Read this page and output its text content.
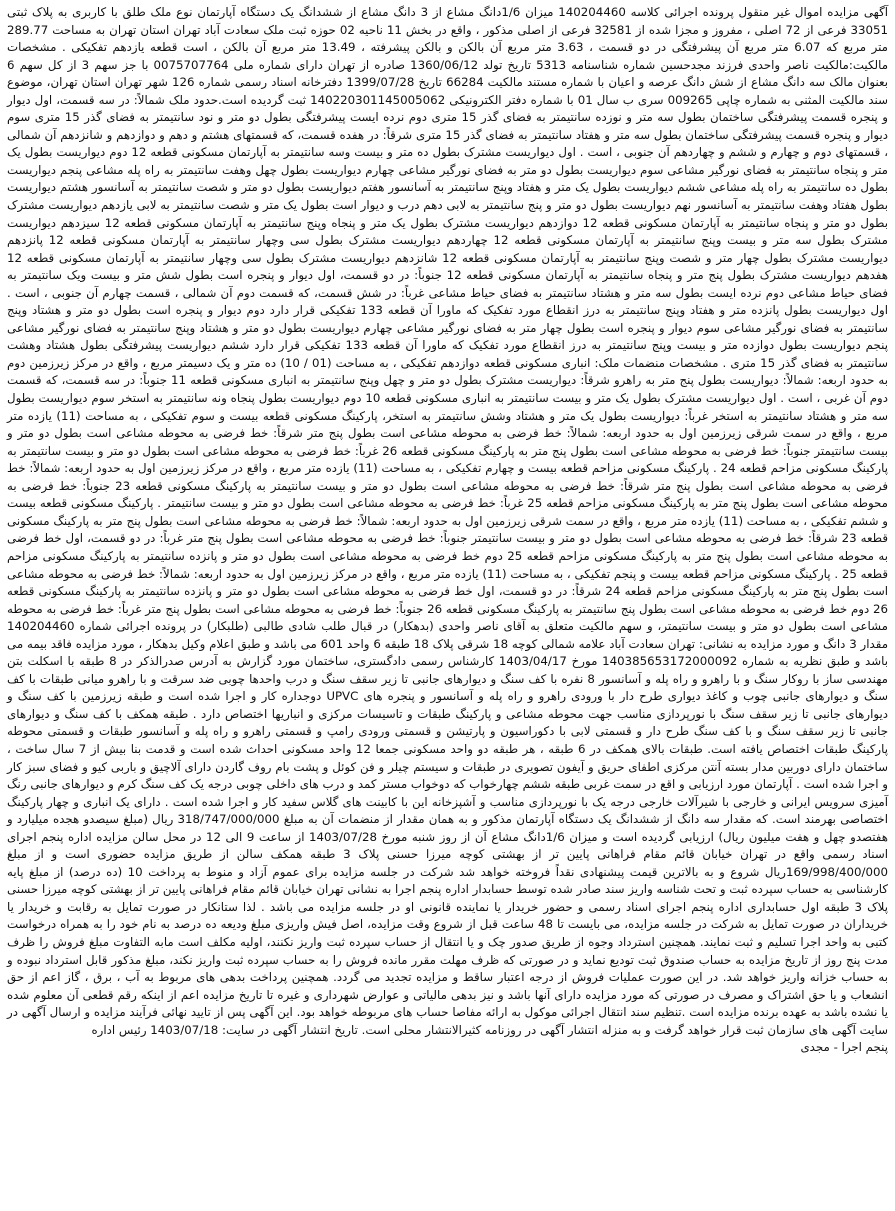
آگهی مزایده اموال غیر منقول پرونده اجرائی کلاسه 140204460 میزان 1/6دانگ مشاع از 3 دانگ مشاع از ششدانگ یک دستگاه آپارتمان نوع ملک طلق با کاربری به پلاک ثبتی 33051 فرعی از 72 اصلی ، مفروز و مجزا شده از 32581 فرعی از اصلی مذکور ، واقع در بخش 11 ناحیه 02 حوزه ثبت ملک سعادت آباد تهران استان تهران به مساحت 289.77 متر مربع که 6.07 متر مربع آن پیشرفتگی در دو قسمت ، 3.63 متر مربع آن بالکن و بالکن پیشرفته ، 13.49 متر مربع آن بالکن ، است قطعه یازدهم تفکیکی . مشخصات مالکیت:مالکیت ناصر واحدی فرزند مجدحسین شماره شناسنامه 5313 تاریخ تولد 1360/06/12 صادره از تهران دارای شماره ملی 0075707764 با جز سهم 3 از کل سهم 6 بعنوان مالک سه دانگ مشاع از شش دانگ عرصه و اعیان با شماره مستند مالکیت 66284 تاریخ 1399/07/28 دفترخانه اسناد رسمی شماره 126 شهر تهران استان تهران، موضوع سند مالکیت المثنی به شماره چاپی 009265 سری ب سال 01 با شماره دفتر الکترونیکی 140220301145005062 ثبت گردیده است.حدود ملک شمالاً: در سه قسمت، اول دیوار و پنجره قسمت پیشرفتگی ساختمان بطول سه متر و نوزده سانتیمتر به فضای گذر 15 متری دوم نرده ایست پیشرفتگی بطول دو متر و نود سانتیمتر به فضای گذر 15 متری سوم دیوار و پنجره قسمت پیشرفتگی ساختمان بطول سه متر و هفتاد سانتیمتر به فضای گذر 15 متری شرقاً: در هفده قسمت، که قسمتهای هشتم و دهم و دوازدهم و شانزدهم آن شمالی ، قسمتهای دوم و چهارم و ششم و چهاردهم آن جنوبی ، است . اول دیواریست مشترک بطول ده متر و بیست وسه سانتیمتر به آپارتمان مسکونی قطعه 12 دوم دیواریست بطول یک متر و پنجاه سانتیمتر به فضای نورگیر مشاعی سوم دیواریست بطول دو متر به فضای نورگیر مشاعی چهارم دیواریست بطول چهل وهفت سانتیمتر به راه پله مشاعی پنجم دیواریست بطول ده سانتیمتر به راه پله مشاعی ششم دیواریست بطول یک متر و هفتاد وپنج سانتیمتر به آسانسور هفتم دیواریست بطول دو متر و شصت سانتیمتر به آسانسور هشتم دیواریست بطول هفتاد وهفت سانتیمتر به آسانسور نهم دیواریست بطول دو متر و پنج سانتیمتر به لابی دهم درب و دیوار است بطول یک متر و شصت سانتیمتر به لابی یازدهم دیواریست مشترک بطول دو متر و پنجاه سانتیمتر به آپارتمان مسکونی قطعه 12 دوازدهم دیواریست مشترک بطول یک متر و پنجاه وپنج سانتیمتر به آپارتمان مسکونی قطعه 12 سیزدهم دیواریست مشترک بطول سه متر و بیست وپنج سانتیمتر به آپارتمان مسکونی قطعه 12 چهاردهم دیواریست مشترک بطول سی وچهار سانتیمتر به آپارتمان مسکونی قطعه 12 پانزدهم دیواریست مشترک بطول چهار متر و شصت وپنج سانتیمتر به آپارتمان مسکونی قطعه 12 شانزدهم دیواریست مشترک بطول سی وچهار سانتیمتر به آپارتمان مسکونی قطعه 12 هفدهم دیواریست مشترک بطول پنج متر و پنجاه سانتیمتر به آپارتمان مسکونی قطعه 12 جنوباً: در دو قسمت، اول دیوار و پنجره است بطول شش متر و بیست ویک سانتیمتر به فضای حیاط مشاعی دوم نرده ایست بطول سه متر و هشتاد سانتیمتر به فضای حیاط مشاعی غرباً: در شش قسمت، که قسمت دوم آن شمالی ، قسمت چهارم آن جنوبی ، است . اول دیواریست بطول پانزده متر و هفتاد وپنج سانتیمتر به درز انقطاع مورد تفکیک که ماورا آن قطعه 133 تفکیکی قرار دارد دوم دیوار و پنجره است بطول دو متر و هشتاد وپنج سانتیمتر به فضای نورگیر مشاعی سوم دیوار و پنجره است بطول چهار متر به فضای نورگیر مشاعی چهارم دیواریست بطول دو متر و هشتاد وپنج سانتیمتر به فضای نورگیر مشاعی پنجم دیواریست بطول دوازده متر و بیست وپنج سانتیمتر به درز انقطاع مورد تفکیک که ماورا آن قطعه 133 تفکیکی قرار دارد ششم دیواریست پیشرفتگی بطول هشتاد وهشت سانتیمتر به فضای گذر 15 متری . مشخصات منضمات ملک: انباری مسکونی قطعه دوازدهم تفکیکی ، به مساحت (01 / 10) ده متر و یک دسیمتر مربع ، واقع در مرکز زیرزمین دوم به حدود اربعه: شمالاً: دیواریست بطول پنج متر به راهرو شرقاً: دیواریست مشترک بطول دو متر و چهل وپنج سانتیمتر به انباری مسکونی قطعه 11 جنوباً: در سه قسمت، که قسمت دوم آن غربی ، است . اول دیواریست مشترک بطول یک متر و بیست سانتیمتر به انباری مسکونی قطعه 10 دوم دیواریست بطول پنجاه ونه سانتیمتر به استخر سوم دیواریست بطول سه متر و هشتاد سانتیمتر به استخر غرباً: دیواریست بطول یک متر و هشتاد وشش سانتیمتر به استخر، پارکینگ مسکونی قطعه بیست و سوم تفکیکی ، به مساحت (11) یازده متر مربع ، واقع در سمت شرقی زیرزمین اول به حدود اربعه: شمالاً: خط فرضی به محوطه مشاعی است بطول پنج متر شرقاً: خط فرضی به محوطه مشاعی است بطول دو متر و بیست سانتیمتر جنوباً: خط فرضی به محوطه مشاعی است بطول پنج متر به پارکینگ مسکونی قطعه 26 غرباً: خط فرضی به محوطه مشاعی است بطول دو متر و بیست سانتیمتر به پارکینگ مسکونی مزاحم قطعه 24 . پارکینگ مسکونی مزاحم قطعه بیست و چهارم تفکیکی ، به مساحت (11) یازده متر مربع ، واقع در مرکز زیرزمین اول به حدود اربعه: شمالاً: خط فرضی به محوطه مشاعی است بطول پنج متر شرقاً: خط فرضی به محوطه مشاعی است بطول دو متر و بیست سانتیمتر به پارکینگ مسکونی قطعه 23 جنوباً: خط فرضی به محوطه مشاعی است بطول پنج متر به پارکینگ مسکونی مزاحم قطعه 25 غرباً: خط فرضی به محوطه مشاعی است بطول دو متر و بیست سانتیمتر . پارکینگ مسکونی قطعه بیست و ششم تفکیکی ، به مساحت (11) یازده متر مربع ، واقع در سمت شرقی زیرزمین اول به حدود اربعه: شمالاً: خط فرضی به محوطه مشاعی است بطول پنج متر به پارکینگ مسکونی قطعه 23 شرقاً: خط فرضی به محوطه مشاعی است بطول دو متر و بیست سانتیمتر جنوباً: خط فرضی به محوطه مشاعی است بطول پنج متر غرباً: در دو قسمت، اول خط فرضی به محوطه مشاعی است بطول پنج متر به پارکینگ مسکونی مزاحم قطعه 25 دوم خط فرضی به محوطه مشاعی است بطول دو متر و پانزده سانتیمتر به پارکینگ مسکونی مزاحم قطعه 25 . پارکینگ مسکونی مزاحم قطعه بیست و پنجم تفکیکی ، به مساحت (11) یازده متر مربع ، واقع در مرکز زیرزمین اول به حدود اربعه: شمالاً: خط فرضی به محوطه مشاعی است بطول پنج متر به پارکینگ مسکونی مزاحم قطعه 24 شرقاً: در دو قسمت، اول خط فرضی به محوطه مشاعی است بطول دو متر و پانزده سانتیمتر به پارکینگ مسکونی قطعه 26 دوم خط فرضی به محوطه مشاعی است بطول پنج سانتیمتر به پارکینگ مسکونی قطعه 26 جنوباً: خط فرضی به محوطه مشاعی است بطول پنج متر غرباً: خط فرضی به محوطه مشاعی است بطول دو متر و بیست سانتیمتر، و سهم مالکیت متعلق به آقای ناصر واحدی (بدهکار) در قبال طلب شادی طالبی (طلبکار) در پرونده اجرائی شماره 140204460 مقدار 3 دانگ و مورد مزایده به نشانی: تهران سعادت آباد علامه شمالی کوچه 18 شرقی پلاک 18 طبقه 6 واحد 601 می باشد و طبق اعلام وکیل بدهکار ، مورد مزایده فاقد بیمه می باشد و طبق نظریه به شماره 140385653172000092 مورخ 1403/04/17 کارشناس رسمی دادگستری، ساختمان مورد گزارش به آدرس صدرالذکر در 8 طبقه با اسکلت بتن مهندسی ساز با روکار سنگ و با راهرو و راه پله و آسانسور 8 نفره با کف سنگ و دیوارهای جانبی تا زیر سقف سنگ و درب واحدها چوبی ضد سرقت و با راهرو میانی طبقات با کف سنگ و دیوارهای جانبی چوب و کاغذ دیواری طرح دار با ورودی راهرو و راه پله و آسانسور و پنجره های UPVC دوجداره کار و اجرا شده است و طبقه زیرزمین با کف سنگ و دیوارهای جانبی تا زیر سقف سنگ با نورپردازی مناسب جهت محوطه مشاعی و پارکینگ طبقات و تاسیسات مرکزی و انباریها اختصاص دارد . طبقه همکف با کف سنگ و دیوارهای جانبی تا زیر سقف سنگ و با کف سنگ طرح دار و قسمتی لابی با دکوراسیون و پارتیشن و قسمتی ورودی رامپ و قسمتی راهرو و راه پله و آسانسور طبقات و قسمتی محوطه پارکینگ طبقات اختصاص یافته است. طبقات بالای همکف در 6 طبقه ، هر طبقه دو واحد مسکونی جمعا 12 واحد مسکونی احداث شده است و قدمت بنا بیش از 7 سال ساخت ، ساختمان دارای دوربین مدار بسته آنتن مرکزی اطفای حریق و آیفون تصویری در طبقات و سیستم چیلر و فن کوئل و پشت بام روف گاردن دارای آلاچیق و باربی کیو و فضای سبز کار و اجرا شده است . آپارتمان مورد ارزیابی و اقع در سمت غربی طبقه ششم چهارخواب که دوخواب مستر کمد و درب های داخلی چوبی درجه یک کف سنگ کرم و دیوارهای جانبی رنگ آمیزی سرویس ایرانی و خارجی با شیرآلات خارجی درجه یک با نورپردازی مناسب و آشپزخانه این با کابینت های گلاس سفید کار و اجرا شده است . دارای یک انباری و چهار پارکینگ اختصاصی بهرمند است. که مقدار سه دانگ از ششدانگ یک دستگاه آپارتمان مذکور و به همان مقدار از منضمات آن به مبلغ 318/747/000/000 ریال (مبلغ سیصدو هجده میلیارد و هفتصدو چهل و هفت میلیون ریال) ارزیابی گردیده است و میزان 1/6دانگ مشاع آن از روز شنبه مورخ 1403/07/28 از ساعت 9 الی 12 در محل سالن مزایده اداره پنجم اجرای اسناد رسمی واقع در تهران خیابان قائم مقام فراهانی پایین تر از بهشتی کوچه میرزا حسنی پلاک 3 طبقه همکف سالن از طریق مزایده حضوری است و از مبلغ 169/998/400/000ریال شروع و به بالاترین قیمت پیشنهادی نقداً فروخته خواهد شد شرکت در جلسه مزایده برای عموم آزاد و منوط به پرداخت 10 (ده درصد) از مبلغ پایه کارشناسی به حساب سپرده ثبت و تحت شناسه واریز سند صادر شده توسط حسابدار اداره پنجم اجرا به نشانی تهران خیابان قائم مقام فراهانی پایین تر از بهشتی کوچه میرزا حسنی پلاک 3 طبقه اول حسابداری اداره پنجم اجرای اسناد رسمی و حضور خریدار یا نماینده قانونی او در جلسه مزایده می باشد . لذا ستانکار در صورت تمایل به رقابت و خریدار یا خریداران در صورت تمایل به شرکت در جلسه مزایده، می بایست تا 48 ساعت قبل از شروع وقت مزایده، اصل فیش واریزی مبلغ ودیعه ده درصد به نام خود را به همراه درخواست کتبی به واحد اجرا تسلیم و ثبت نمایند. همچنین استرداد وجوه از طریق صدور چک و یا انتقال از حساب سپرده ثبت واریز نکنند، اولیه مکلف است مابه التفاوت مبلغ فروش را ظرف مدت پنج روز از تاریخ مزایده به حساب صندوق ثبت تودیع نماید و در صورتی که ظرف مهلت مقرر مانده فروش را به حساب سپرده ثبت واریز نکند، مبلغ مذکور قابل استرداد نبوده و به حساب خزانه واریز خواهد شد. در این صورت عملیات فروش از درجه اعتبار ساقط و مزایده تجدید می گردد. همچنین پرداخت بدهی های مربوط به آب ، برق ، گاز اعم از حق انشعاب و یا حق اشتراک و مصرف در صورتی که مورد مزایده دارای آنها باشد و نیز بدهی مالیاتی و عوارض شهرداری و غیره تا تاریخ مزایده اعم از اینکه رقم قطعی آن معلوم شده یا نشده باشد به عهده برنده مزایده است .تنظیم سند انتقال اجرائی موکول به ارائه مفاصا حساب های مربوطه خواهد بود. این آگهی پس از تایید نهائی فرآیند مزایده و ارسال آگهی در سایت آگهی های سازمان ثبت قرار خواهد گرفت و به منزله انتشار آگهی در روزنامه کثیرالانتشار محلی است. تاریخ انتشار آگهی در سایت: 1403/07/18 رئیس اداره

پنجم اجرا - مجدی
